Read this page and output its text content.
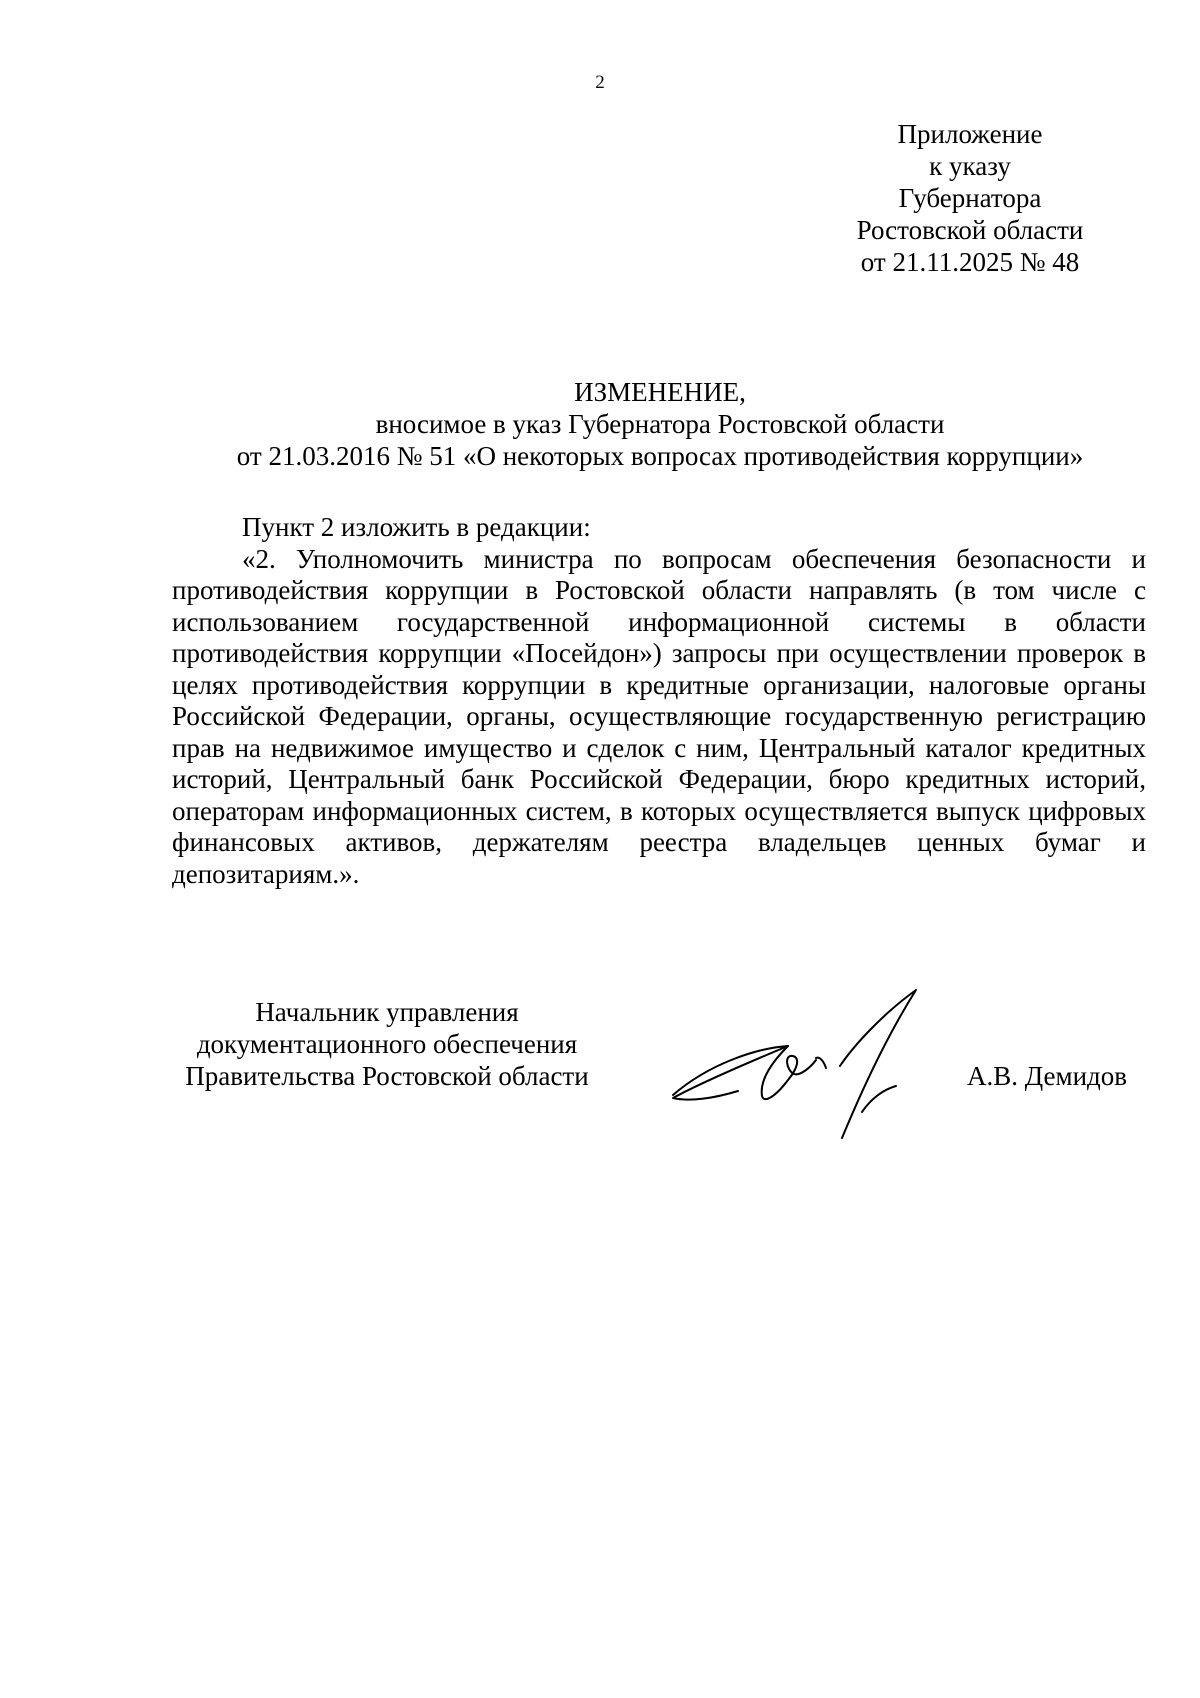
2
Приложение
к указу
Губернатора
Ростовской области
от 21.11.2025 № 48
ИЗМЕНЕНИЕ,
вносимое в указ Губернатора Ростовской области
от 21.03.2016 № 51 «О некоторых вопросах противодействия коррупции»
Пункт 2 изложить в редакции:

«2. Уполномочить министра по вопросам обеспечения безопасности и противодействия коррупции в Ростовской области направлять (в том числе с использованием государственной информационной системы в области противодействия коррупции «Посейдон») запросы при осуществлении проверок в целях противодействия коррупции в кредитные организации, налоговые органы Российской Федерации, органы, осуществляющие государственную регистрацию прав на недвижимое имущество и сделок с ним, Центральный каталог кредитных историй, Центральный банк Российской Федерации, бюро кредитных историй, операторам информационных систем, в которых осуществляется выпуск цифровых финансовых активов, держателям реестра владельцев ценных бумаг и депозитариям.».

Начальник управления
документационного обеспечения
Правительства Ростовской области	А.В. Демидов
